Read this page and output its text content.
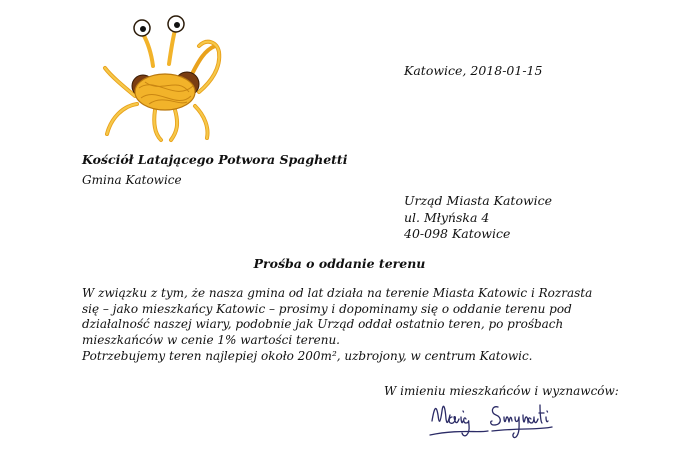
Katowice, 2018-01-15
Kościół Latającego Potwora Spaghetti
Gmina Katowice
Urząd Miasta Katowice
ul. Młyńska 4
40-098 Katowice
Prośba o oddanie terenu

W związku z tym, że nasza gmina od lat działa na terenie Miasta Katowic i Rozrasta się – jako mieszkańcy Katowic – prosimy i dopominamy się o oddanie terenu pod działalność naszej wiary, podobnie jak Urząd oddał ostatnio teren, po prośbach mieszkańców w cenie 1% wartości terenu.

Potrzebujemy teren najlepiej około 200m², uzbrojony, w centrum Katowic.

W imieniu mieszkańców i wyznawców:
